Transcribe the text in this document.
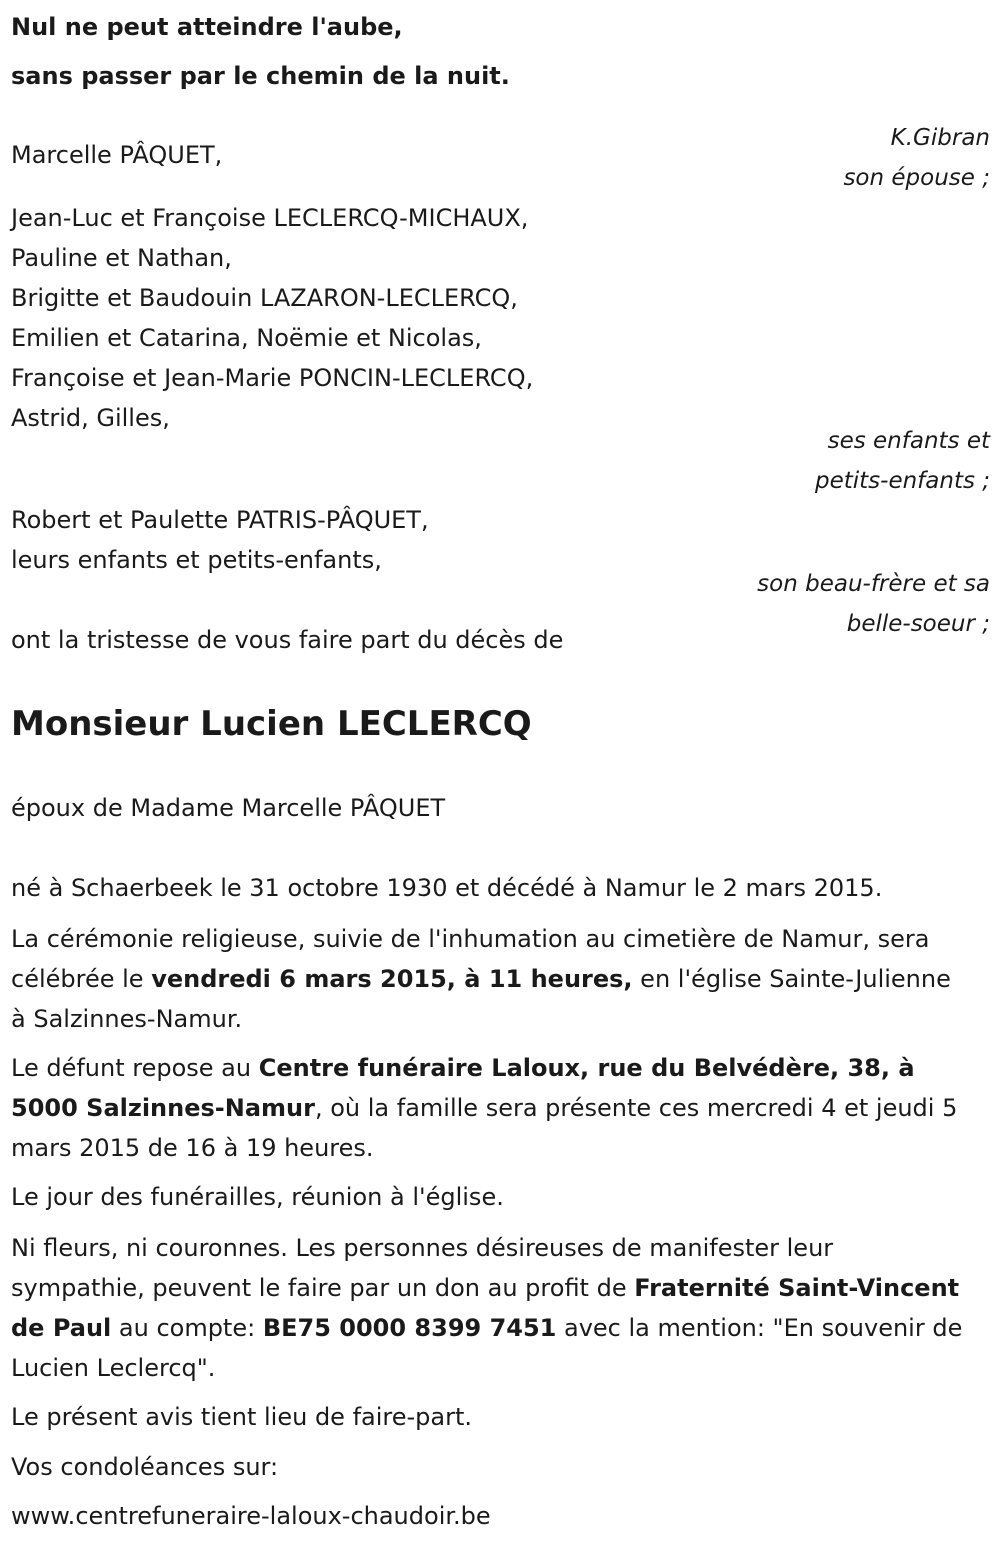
Nul ne peut atteindre l'aube,
sans passer par le chemin de la nuit.
K.Gibran
Marcelle PÂQUET,
son épouse ;
Jean-Luc et Françoise LECLERCQ-MICHAUX,
Pauline et Nathan,
Brigitte et Baudouin LAZARON-LECLERCQ,
Emilien et Catarina, Noëmie et Nicolas,
Françoise et Jean-Marie PONCIN-LECLERCQ,
Astrid, Gilles,
ses enfants et
petits-enfants ;
Robert et Paulette PATRIS-PÂQUET,
leurs enfants et petits-enfants,
son beau-frère et sa
belle-soeur ;
ont la tristesse de vous faire part du décès de
Monsieur Lucien LECLERCQ
époux de Madame Marcelle PÂQUET
né à Schaerbeek le 31 octobre 1930 et décédé à Namur le 2 mars 2015.
La cérémonie religieuse, suivie de l'inhumation au cimetière de Namur, sera célébrée le vendredi 6 mars 2015, à 11 heures, en l'église Sainte-Julienne à Salzinnes-Namur.
Le défunt repose au Centre funéraire Laloux, rue du Belvédère, 38, à 5000 Salzinnes-Namur, où la famille sera présente ces mercredi 4 et jeudi 5 mars 2015 de 16 à 19 heures.
Le jour des funérailles, réunion à l'église.
Ni fleurs, ni couronnes. Les personnes désireuses de manifester leur sympathie, peuvent le faire par un don au profit de Fraternité Saint-Vincent de Paul au compte: BE75 0000 8399 7451 avec la mention: "En souvenir de Lucien Leclercq".
Le présent avis tient lieu de faire-part.
Vos condoléances sur:
www.centrefuneraire-laloux-chaudoir.be
